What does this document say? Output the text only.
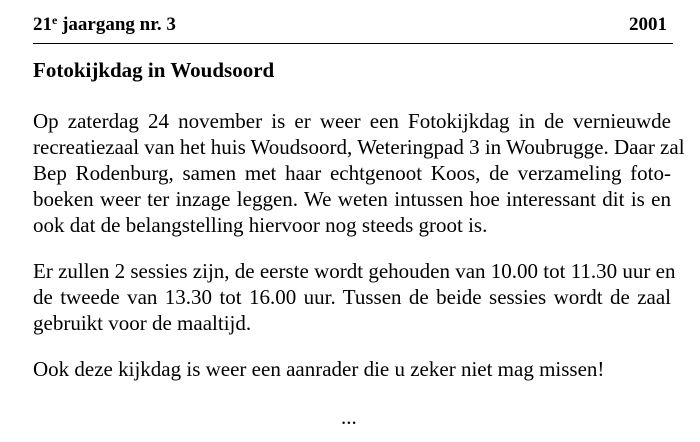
21e jaargang nr. 3	2001
Fotokijkdag in Woudsoord
Op zaterdag 24 november is er weer een Fotokijkdag in de vernieuwde
recreatiezaal van het huis Woudsoord, Weteringpad 3 in Woubrugge. Daar zal
Bep Rodenburg, samen met haar echtgenoot Koos, de verzameling foto-
boeken weer ter inzage leggen. We weten intussen hoe interessant dit is en
ook dat de belangstelling hiervoor nog steeds groot is.
Er zullen 2 sessies zijn, de eerste wordt gehouden van 10.00 tot 11.30 uur en
de tweede van 13.30 tot 16.00 uur. Tussen de beide sessies wordt de zaal
gebruikt voor de maaltijd.
Ook deze kijkdag is weer een aanrader die u zeker niet mag missen!
...
